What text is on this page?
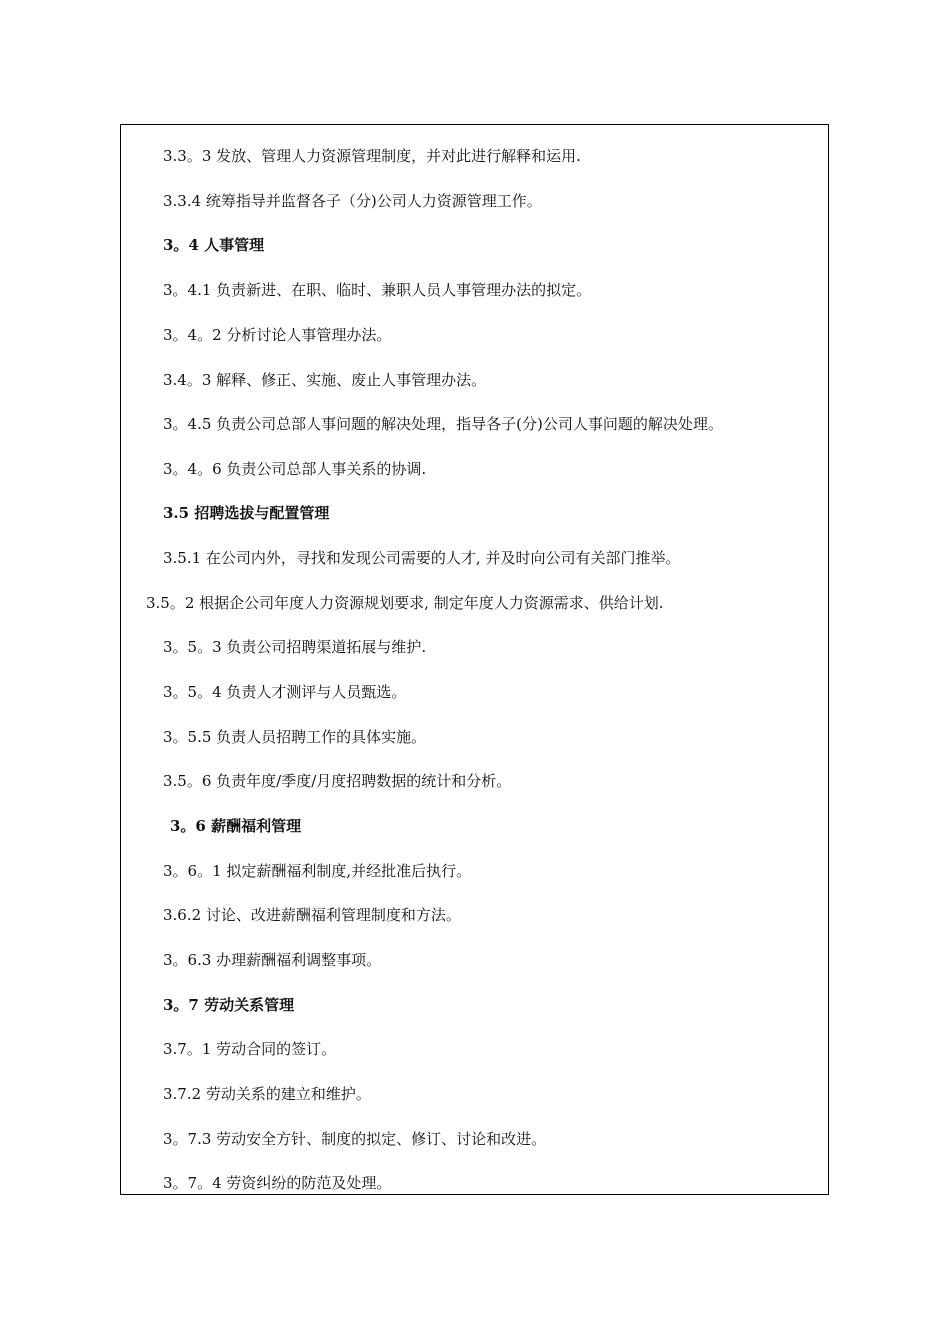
3.3。3 发放、管理人力资源管理制度，并对此进行解释和运用.
3.3.4 统筹指导并监督各子（分)公司人力资源管理工作。
3。4 人事管理
3。4.1 负责新进、在职、临时、兼职人员人事管理办法的拟定。
3。4。2 分析讨论人事管理办法。
3.4。3 解释、修正、实施、废止人事管理办法。
3。4.5 负责公司总部人事问题的解决处理，指导各子(分)公司人事问题的解决处理。
3。4。6 负责公司总部人事关系的协调.
3.5 招聘选拔与配置管理
3.5.1 在公司内外，寻找和发现公司需要的人才, 并及时向公司有关部门推举。
3.5。2 根据企公司年度人力资源规划要求, 制定年度人力资源需求、供给计划.
3。5。3 负责公司招聘渠道拓展与维护.
3。5。4 负责人才测评与人员甄选。
3。5.5 负责人员招聘工作的具体实施。
3.5。6 负责年度/季度/月度招聘数据的统计和分析。
3。6 薪酬福利管理
3。6。1 拟定薪酬福利制度,并经批准后执行。
3.6.2 讨论、改进薪酬福利管理制度和方法。
3。6.3 办理薪酬福利调整事项。
3。7 劳动关系管理
3.7。1 劳动合同的签订。
3.7.2 劳动关系的建立和维护。
3。7.3 劳动安全方针、制度的拟定、修订、讨论和改进。
3。7。4 劳资纠纷的防范及处理。
